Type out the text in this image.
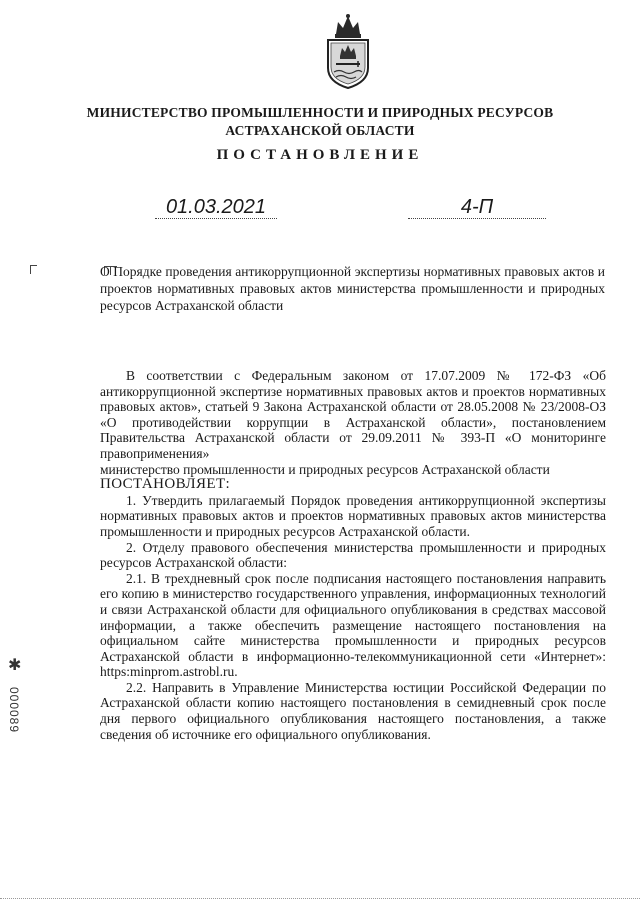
МИНИСТЕРСТВО ПРОМЫШЛЕННОСТИ И ПРИРОДНЫХ РЕСУРСОВ
АСТРАХАНСКОЙ ОБЛАСТИ
ПОСТАНОВЛЕНИЕ
01.03.2021	4-П
О Порядке проведения антикоррупционной экспертизы нормативных правовых актов и проектов нормативных правовых актов министерства промышленности и природных ресурсов Астраханской области

В соответствии с Федеральным законом от 17.07.2009 № 172-ФЗ «Об антикоррупционной экспертизе нормативных правовых актов и проектов нормативных правовых актов», статьей 9 Закона Астраханской области от 28.05.2008 № 23/2008-ОЗ «О противодействии коррупции в Астраханской области», постановлением Правительства Астраханской области от 29.09.2011 № 393-П «О мониторинге правоприменения»

министерство промышленности и природных ресурсов Астраханской области

ПОСТАНОВЛЯЕТ:

1. Утвердить прилагаемый Порядок проведения антикоррупционной экспертизы нормативных правовых актов и проектов нормативных правовых актов министерства промышленности и природных ресурсов Астраханской области.

2. Отделу правового обеспечения министерства промышленности и природных ресурсов Астраханской области:

2.1. В трехдневный срок после подписания настоящего постановления направить его копию в министерство государственного управления, информационных технологий и связи Астраханской области для официального опубликования в средствах массовой информации, а также обеспечить размещение настоящего постановления на официальном сайте министерства промышленности и природных ресурсов Астраханской области в информационно-телекоммуникационной сети «Интернет»: https:minprom.astrobl.ru.

2.2. Направить в Управление Министерства юстиции Российской Федерации по Астраханской области копию настоящего постановления в семидневный срок после дня первого официального опубликования настоящего постановления, а также сведения об источнике его официального опубликования.

✱
000089
